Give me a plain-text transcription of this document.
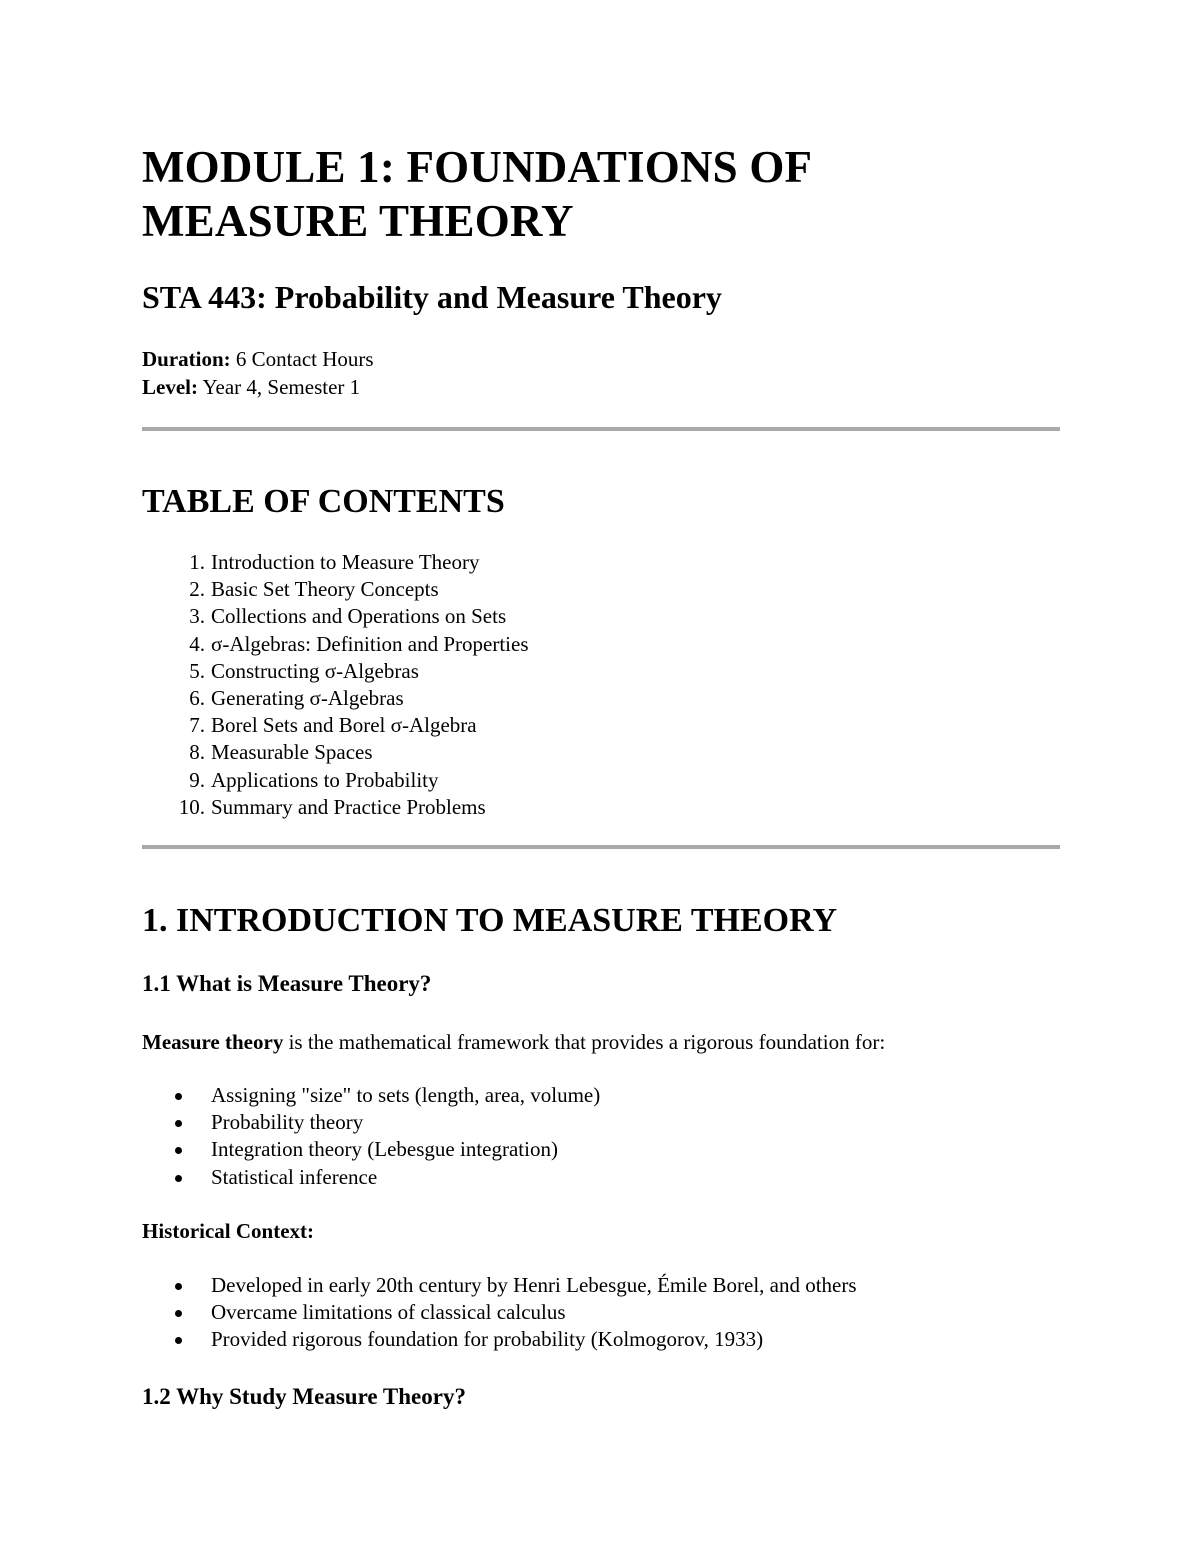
MODULE 1: FOUNDATIONS OF
MEASURE THEORY
STA 443: Probability and Measure Theory
Duration: 6 Contact Hours
Level: Year 4, Semester 1
TABLE OF CONTENTS
1. Introduction to Measure Theory
2. Basic Set Theory Concepts
3. Collections and Operations on Sets
4. σ-Algebras: Definition and Properties
5. Constructing σ-Algebras
6. Generating σ-Algebras
7. Borel Sets and Borel σ-Algebra
8. Measurable Spaces
9. Applications to Probability
10. Summary and Practice Problems
1. INTRODUCTION TO MEASURE THEORY
1.1 What is Measure Theory?

Measure theory is the mathematical framework that provides a rigorous foundation for:

Assigning "size" to sets (length, area, volume)
Probability theory
Integration theory (Lebesgue integration)
Statistical inference

Historical Context:

Developed in early 20th century by Henri Lebesgue, Émile Borel, and others
Overcame limitations of classical calculus
Provided rigorous foundation for probability (Kolmogorov, 1933)
1.2 Why Study Measure Theory?
